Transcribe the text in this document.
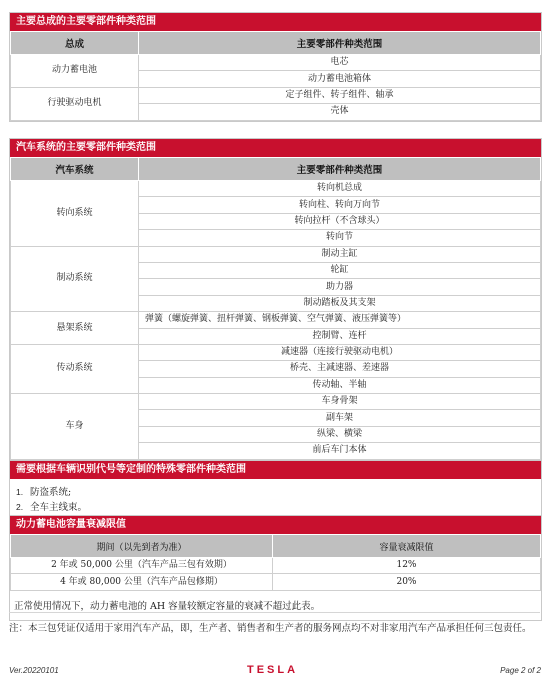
主要总成的主要零部件种类范围
总成	主要零部件种类范围
动力蓄电池	电芯
	动力蓄电池箱体
行驶驱动电机	定子组件、转子组件、轴承
	壳体
汽车系统的主要零部件种类范围
汽车系统	主要零部件种类范围
转向系统	转向机总成
	转向柱、转向万向节
	转向拉杆（不含球头）
	转向节
制动系统	制动主缸
	轮缸
	助力器
	制动踏板及其支架
悬架系统	弹簧（螺旋弹簧、扭杆弹簧、钢板弹簧、空气弹簧、液压弹簧等）
	控制臂、连杆
传动系统	减速器（连接行驶驱动电机）
	桥壳、主减速器、差速器
	传动轴、半轴
车身	车身骨架
	副车架
	纵梁、横梁
	前后车门本体
需要根据车辆识别代号等定制的特殊零部件种类范围
1. 防盗系统;
2. 全车主线束。
动力蓄电池容量衰减限值
期间（以先到者为准）	容量衰减限值
2 年或 50,000 公里（汽车产品三包有效期）	12%
4 年或 80,000 公里（汽车产品包修期）	20%
正常使用情况下，动力蓄电池的 AH 容量较额定容量的衰减不超过此表。
注：本三包凭证仅适用于家用汽车产品，即，生产者、销售者和生产者的服务网点均不对非家用汽车产品承担任何三包责任。
Ver.20220101	TESLA	Page 2 of 2
